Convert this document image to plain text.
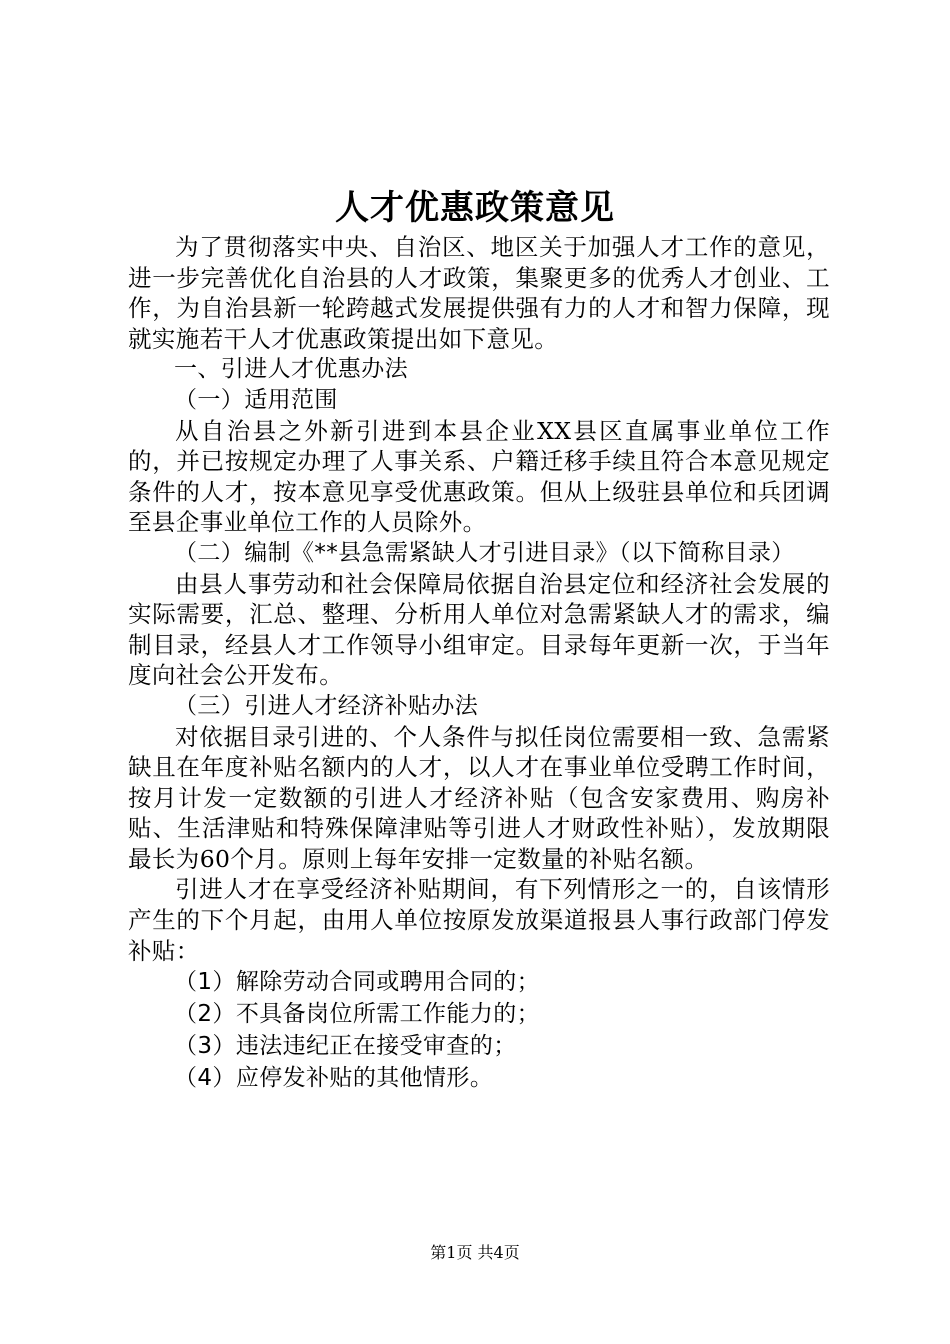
人才优惠政策意见

为了贯彻落实中央、自治区、地区关于加强人才工作的意见，进一步完善优化自治县的人才政策，集聚更多的优秀人才创业、工作，为自治县新一轮跨越式发展提供强有力的人才和智力保障，现就实施若干人才优惠政策提出如下意见。

一、引进人才优惠办法

（一）适用范围

从自治县之外新引进到本县企业XX县区直属事业单位工作的，并已按规定办理了人事关系、户籍迁移手续且符合本意见规定条件的人才，按本意见享受优惠政策。但从上级驻县单位和兵团调至县企事业单位工作的人员除外。

（二）编制《**县急需紧缺人才引进目录》（以下简称目录）

由县人事劳动和社会保障局依据自治县定位和经济社会发展的实际需要，汇总、整理、分析用人单位对急需紧缺人才的需求，编制目录，经县人才工作领导小组审定。目录每年更新一次，于当年度向社会公开发布。

（三）引进人才经济补贴办法

对依据目录引进的、个人条件与拟任岗位需要相一致、急需紧缺且在年度补贴名额内的人才，以人才在事业单位受聘工作时间，按月计发一定数额的引进人才经济补贴（包含安家费用、购房补贴、生活津贴和特殊保障津贴等引进人才财政性补贴），发放期限最长为60个月。原则上每年安排一定数量的补贴名额。

引进人才在享受经济补贴期间，有下列情形之一的，自该情形产生的下个月起，由用人单位按原发放渠道报县人事行政部门停发补贴：

（1）解除劳动合同或聘用合同的；

（2）不具备岗位所需工作能力的；

（3）违法违纪正在接受审查的；

（4）应停发补贴的其他情形。

第1页 共4页
